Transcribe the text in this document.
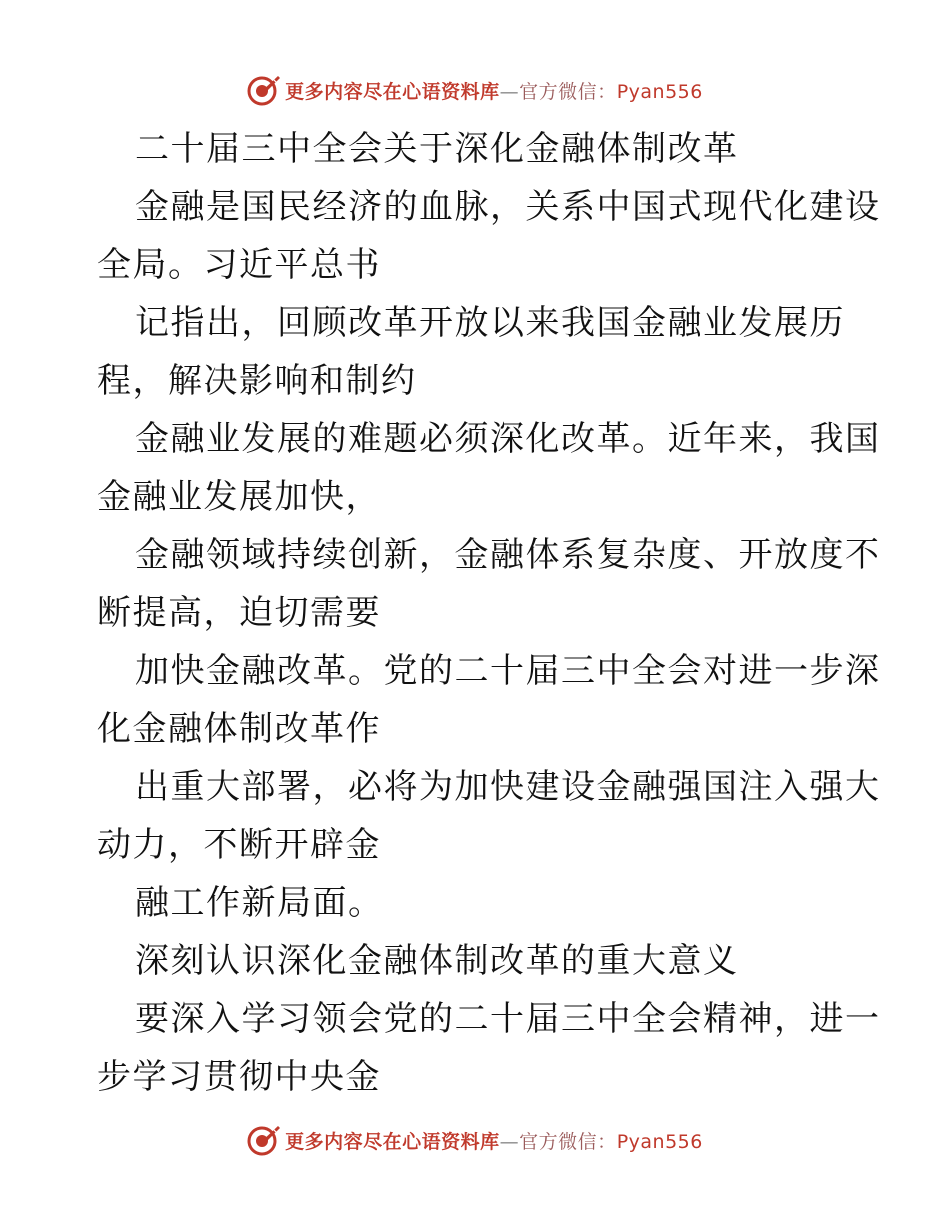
更多内容尽在心语资料库—官方微信：Pyan556
二十届三中全会关于深化金融体制改革
金融是国民经济的血脉，关系中国式现代化建设
全局。习近平总书
记指出，回顾改革开放以来我国金融业发展历
程，解决影响和制约
金融业发展的难题必须深化改革。近年来，我国
金融业发展加快，
金融领域持续创新，金融体系复杂度、开放度不
断提高，迫切需要
加快金融改革。党的二十届三中全会对进一步深
化金融体制改革作
出重大部署，必将为加快建设金融强国注入强大
动力，不断开辟金
融工作新局面。
深刻认识深化金融体制改革的重大意义
要深入学习领会党的二十届三中全会精神，进一
步学习贯彻中央金
更多内容尽在心语资料库—官方微信：Pyan556
